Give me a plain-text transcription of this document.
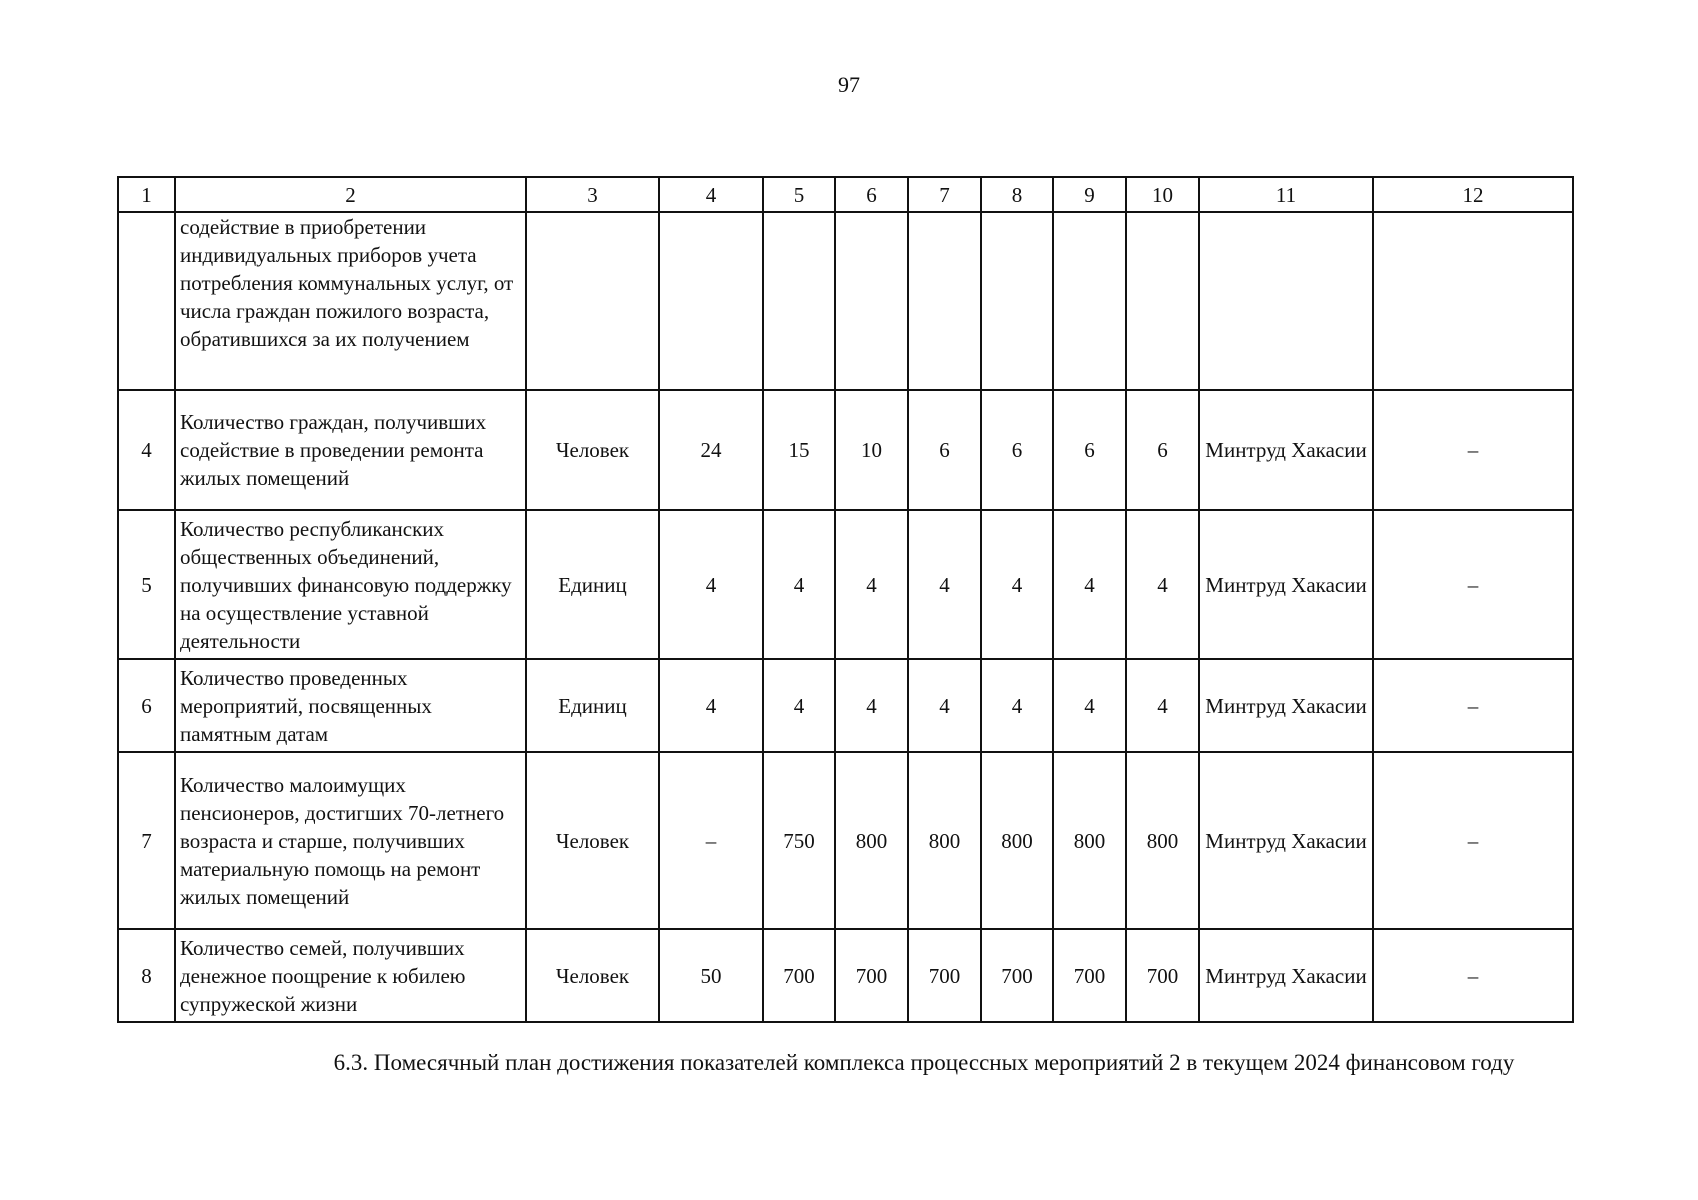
97
1	2	3	4	5	6	7	8	9	10	11	12
	содействие в приобретении индивидуальных приборов учета потребления коммунальных услуг, от числа граждан пожилого возраста, обратившихся за их получением										
4	Количество граждан, получивших содействие в проведении ремонта жилых помещений	Человек	24	15	10	6	6	6	6	Минтруд Хакасии	–
5	Количество республиканских общественных объединений, получивших финансовую поддержку на осуществление уставной деятельности	Единиц	4	4	4	4	4	4	4	Минтруд Хакасии	–
6	Количество проведенных мероприятий, посвященных памятным датам	Единиц	4	4	4	4	4	4	4	Минтруд Хакасии	–
7	Количество малоимущих пенсионеров, достигших 70-летнего возраста и старше, получивших материальную помощь на ремонт жилых помещений	Человек	–	750	800	800	800	800	800	Минтруд Хакасии	–
8	Количество семей, получивших денежное поощрение к юбилею супружеской жизни	Человек	50	700	700	700	700	700	700	Минтруд Хакасии	–
6.3. Помесячный план достижения показателей комплекса процессных мероприятий 2 в текущем 2024 финансовом году
